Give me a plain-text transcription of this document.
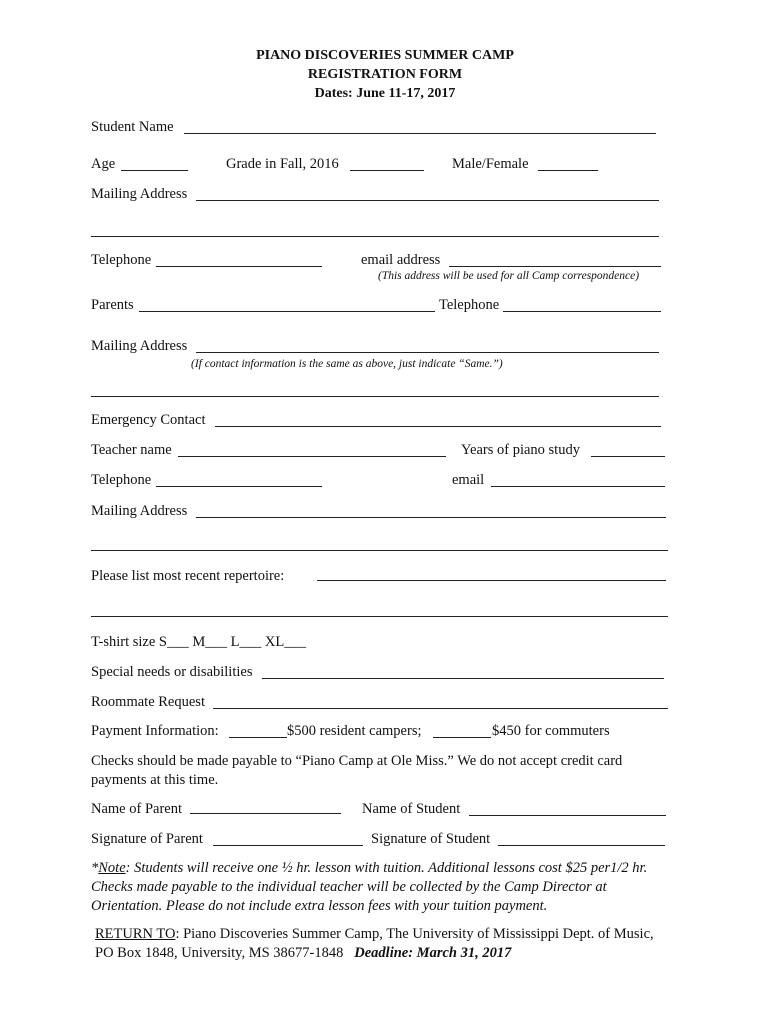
PIANO DISCOVERIES SUMMER CAMP
REGISTRATION FORM
Dates: June 11-17, 2017
Student Name
Age	Grade in Fall, 2016	Male/Female
Mailing Address
Telephone	email address
(This address will be used for all Camp correspondence)
Parents	Telephone
Mailing Address
(If contact information is the same as above, just indicate “Same.”)
Emergency Contact
Teacher name	Years of piano study
Telephone	email
Mailing Address
Please list most recent repertoire:
T-shirt size S___ M___ L___ XL___
Special needs or disabilities
Roommate Request
Payment Information:	$500 resident campers;	$450 for commuters
Checks should be made payable to “Piano Camp at Ole Miss.” We do not accept credit card
payments at this time.
Name of Parent	Name of Student
Signature of Parent	Signature of Student
*Note: Students will receive one ½ hr. lesson with tuition. Additional lessons cost $25 per1/2 hr.
Checks made payable to the individual teacher will be collected by the Camp Director at
Orientation. Please do not include extra lesson fees with your tuition payment.
RETURN TO: Piano Discoveries Summer Camp, The University of Mississippi Dept. of Music,
PO Box 1848, University, MS 38677-1848 Deadline: March 31, 2017
